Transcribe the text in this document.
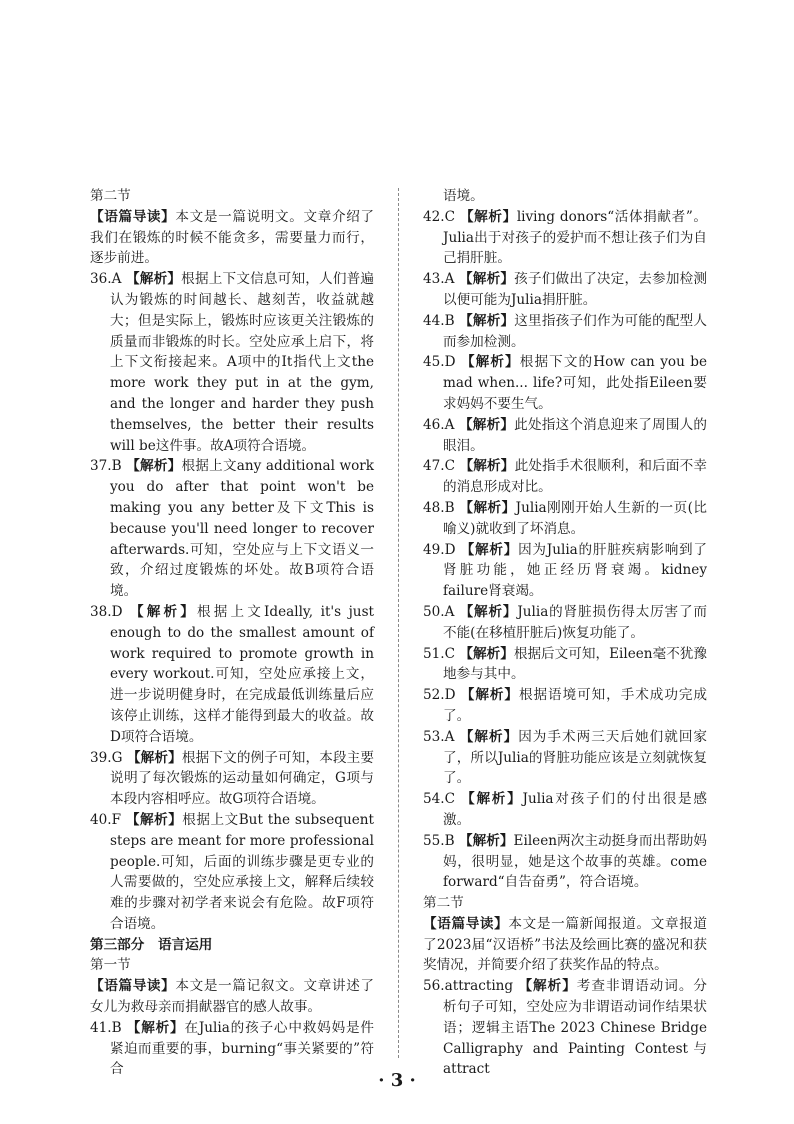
第二节

【语篇导读】本文是一篇说明文。文章介绍了我们在锻炼的时候不能贪多，需要量力而行，逐步前进。

36.A 【解析】根据上下文信息可知，人们普遍认为锻炼的时间越长、越刻苦，收益就越大；但是实际上，锻炼时应该更关注锻炼的质量而非锻炼的时长。空处应承上启下，将上下文衔接起来。A项中的It指代上文the more work they put in at the gym, and the longer and harder they push themselves, the better their results will be这件事。故A项符合语境。

37.B 【解析】根据上文any additional work you do after that point won't be making you any better及下文This is because you'll need longer to recover afterwards.可知，空处应与上下文语义一致，介绍过度锻炼的坏处。故B项符合语境。

38.D 【解析】根据上文Ideally, it's just enough to do the smallest amount of work required to promote growth in every workout.可知，空处应承接上文，进一步说明健身时，在完成最低训练量后应该停止训练，这样才能得到最大的收益。故D项符合语境。

39.G 【解析】根据下文的例子可知，本段主要说明了每次锻炼的运动量如何确定，G项与本段内容相呼应。故G项符合语境。

40.F 【解析】根据上文But the subsequent steps are meant for more professional people.可知，后面的训练步骤是更专业的人需要做的，空处应承接上文，解释后续较难的步骤对初学者来说会有危险。故F项符合语境。

第三部分　语言运用

第一节

【语篇导读】本文是一篇记叙文。文章讲述了女儿为救母亲而捐献器官的感人故事。

41.B 【解析】在Julia的孩子心中救妈妈是件紧迫而重要的事，burning“事关紧要的”符合

语境。

42.C 【解析】living donors“活体捐献者”。Julia出于对孩子的爱护而不想让孩子们为自己捐肝脏。

43.A 【解析】孩子们做出了决定，去参加检测以便可能为Julia捐肝脏。

44.B 【解析】这里指孩子们作为可能的配型人而参加检测。

45.D 【解析】根据下文的How can you be mad when... life?可知，此处指Eileen要求妈妈不要生气。

46.A 【解析】此处指这个消息迎来了周围人的眼泪。

47.C 【解析】此处指手术很顺利，和后面不幸的消息形成对比。

48.B 【解析】Julia刚刚开始人生新的一页(比喻义)就收到了坏消息。

49.D 【解析】因为Julia的肝脏疾病影响到了肾脏功能，她正经历肾衰竭。kidney failure肾衰竭。

50.A 【解析】Julia的肾脏损伤得太厉害了而不能(在移植肝脏后)恢复功能了。

51.C 【解析】根据后文可知，Eileen毫不犹豫地参与其中。

52.D 【解析】根据语境可知，手术成功完成了。

53.A 【解析】因为手术两三天后她们就回家了，所以Julia的肾脏功能应该是立刻就恢复了。

54.C 【解析】Julia对孩子们的付出很是感激。

55.B 【解析】Eileen两次主动挺身而出帮助妈妈，很明显，她是这个故事的英雄。come forward“自告奋勇”，符合语境。

第二节

【语篇导读】本文是一篇新闻报道。文章报道了2023届“汉语桥”书法及绘画比赛的盛况和获奖情况，并简要介绍了获奖作品的特点。

56.attracting 【解析】考查非谓语动词。分析句子可知，空处应为非谓语动词作结果状语；逻辑主语The 2023 Chinese Bridge Calligraphy and Painting Contest与attract

· 3 ·
